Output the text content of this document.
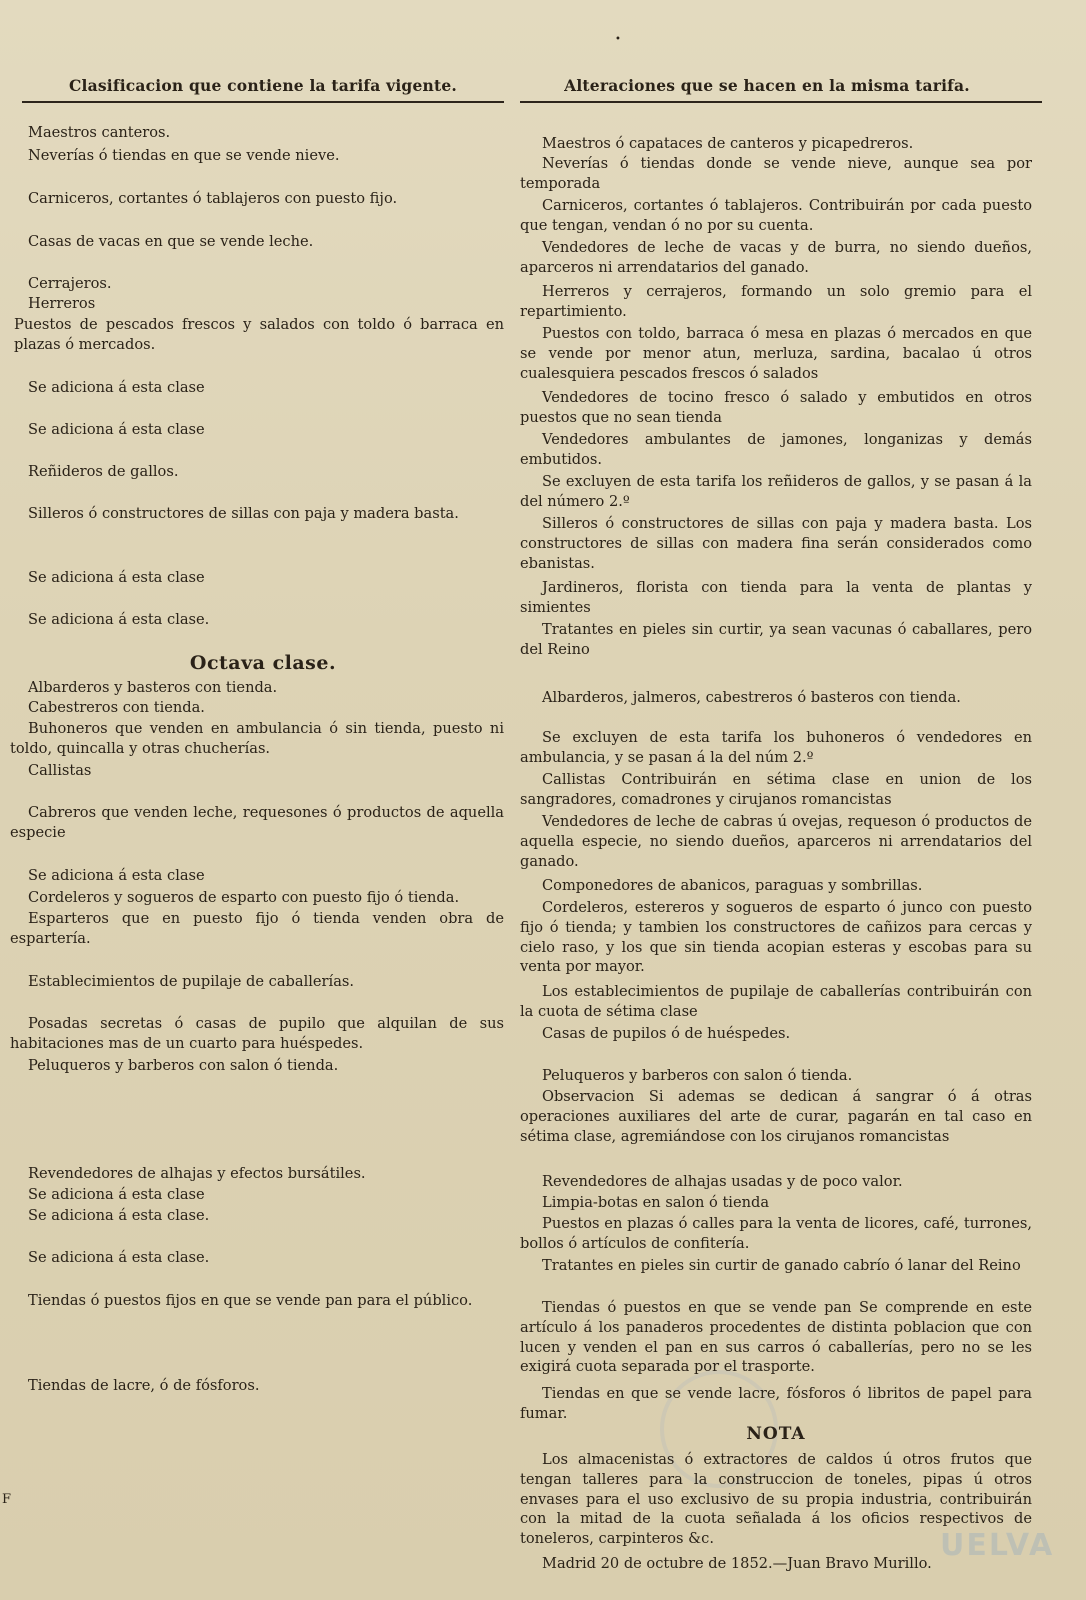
•
F
UELVA
Clasificacion que contiene la tarifa vigente.
Maestros canteros.
Neverías ó tiendas en que se vende nieve.
Carniceros, cortantes ó tablajeros con puesto fijo.
Casas de vacas en que se vende leche.
Cerrajeros.
Herreros
Puestos de pescados frescos y salados con toldo ó barraca en plazas ó mercados.
Se adiciona á esta clase
Se adiciona á esta clase
Reñideros de gallos.
Silleros ó constructores de sillas con paja y madera basta.
Se adiciona á esta clase
Se adiciona á esta clase.
Octava clase.
Albarderos y basteros con tienda.
Cabestreros con tienda.
Buhoneros que venden en ambulancia ó sin tienda, puesto ni toldo, quincalla y otras chucherías.
Callistas
Cabreros que venden leche, requesones ó productos de aquella especie
Se adiciona á esta clase
Cordeleros y sogueros de esparto con puesto fijo ó tienda.
Esparteros que en puesto fijo ó tienda venden obra de espartería.
Establecimientos de pupilaje de caballerías.
Posadas secretas ó casas de pupilo que alquilan de sus habitaciones mas de un cuarto para huéspedes.
Peluqueros y barberos con salon ó tienda.
Revendedores de alhajas y efectos bursátiles.
Se adiciona á esta clase
Se adiciona á esta clase.
Se adiciona á esta clase.
Tiendas ó puestos fijos en que se vende pan para el público.
Tiendas de lacre, ó de fósforos.
Alteraciones que se hacen en la misma tarifa.
Maestros ó capataces de canteros y picapedreros.
Neverías ó tiendas donde se vende nieve, aunque sea por temporada
Carniceros, cortantes ó tablajeros. Contribuirán por cada puesto que tengan, vendan ó no por su cuenta.
Vendedores de leche de vacas y de burra, no siendo dueños, aparceros ni arrendatarios del ganado.
Herreros y cerrajeros, formando un solo gremio para el repartimiento.
Puestos con toldo, barraca ó mesa en plazas ó mercados en que se vende por menor atun, merluza, sardina, bacalao ú otros cualesquiera pescados frescos ó salados
Vendedores de tocino fresco ó salado y embutidos en otros puestos que no sean tienda
Vendedores ambulantes de jamones, longanizas y demás embutidos.
Se excluyen de esta tarifa los reñideros de gallos, y se pasan á la del número 2.º
Silleros ó constructores de sillas con paja y madera basta. Los constructores de sillas con madera fina serán considerados como ebanistas.
Jardineros, florista con tienda para la venta de plantas y simientes
Tratantes en pieles sin curtir, ya sean vacunas ó caballares, pero del Reino
Albarderos, jalmeros, cabestreros ó basteros con tienda.
Se excluyen de esta tarifa los buhoneros ó vendedores en ambulancia, y se pasan á la del núm 2.º
Callistas Contribuirán en sétima clase en union de los sangradores, comadrones y cirujanos romancistas
Vendedores de leche de cabras ú ovejas, requeson ó productos de aquella especie, no siendo dueños, aparceros ni arrendatarios del ganado.
Componedores de abanicos, paraguas y sombrillas.
Cordeleros, estereros y sogueros de esparto ó junco con puesto fijo ó tienda; y tambien los constructores de cañizos para cercas y cielo raso, y los que sin tienda acopian esteras y escobas para su venta por mayor.
Los establecimientos de pupilaje de caballerías contribuirán con la cuota de sétima clase
Casas de pupilos ó de huéspedes.
Peluqueros y barberos con salon ó tienda.
Observacion Si ademas se dedican á sangrar ó á otras operaciones auxiliares del arte de curar, pagarán en tal caso en sétima clase, agremiándose con los cirujanos romancistas
Revendedores de alhajas usadas y de poco valor.
Limpia-botas en salon ó tienda
Puestos en plazas ó calles para la venta de licores, café, turrones, bollos ó artículos de confitería.
Tratantes en pieles sin curtir de ganado cabrío ó lanar del Reino
Tiendas ó puestos en que se vende pan Se comprende en este artículo á los panaderos procedentes de distinta poblacion que con lucen y venden el pan en sus carros ó caballerías, pero no se les exigirá cuota separada por el trasporte.
Tiendas en que se vende lacre, fósforos ó libritos de papel para fumar.
NOTA
Los almacenistas ó extractores de caldos ú otros frutos que tengan talleres para la construccion de toneles, pipas ú otros envases para el uso exclusivo de su propia industria, contribuirán con la mitad de la cuota señalada á los oficios respectivos de toneleros, carpinteros &c.
Madrid 20 de octubre de 1852.—Juan Bravo Murillo.
